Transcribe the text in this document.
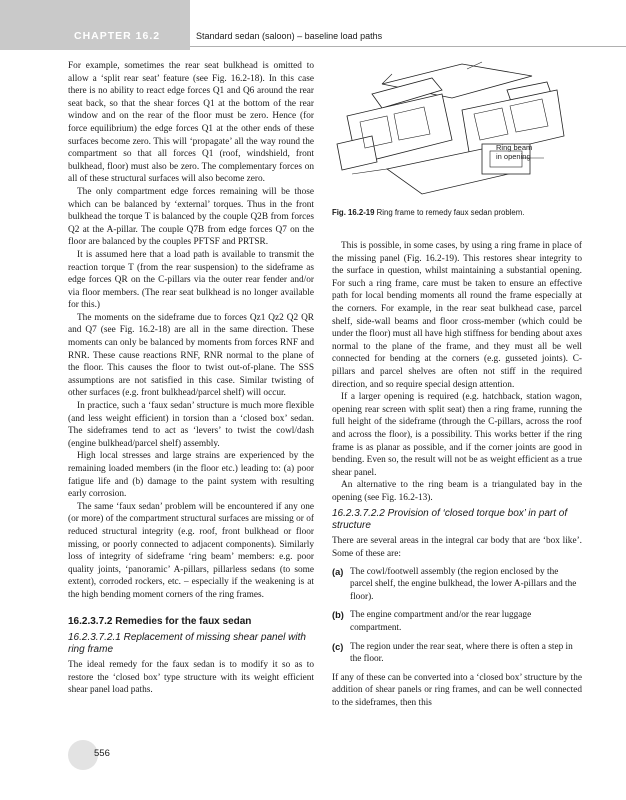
CHAPTER 16.2	Standard sedan (saloon) – baseline load paths

For example, sometimes the rear seat bulkhead is omitted to allow a ‘split rear seat’ feature (see Fig. 16.2-18). In this case there is no ability to react edge forces Q1 and Q6 around the rear seat back, so that the shear forces Q1 at the bottom of the rear window and on the rear of the floor must be zero. Hence (for force equilibrium) the edge forces Q1 at the other ends of these surfaces become zero. This will ‘propagate’ all the way round the compartment so that all forces Q1 (roof, windshield, front bulkhead, floor) must also be zero. The complementary forces on all of these structural surfaces will also become zero.

The only compartment edge forces remaining will be those which can be balanced by ‘external’ torques. Thus in the front bulkhead the torque T is balanced by the couple Q2B from forces Q2 at the A-pillar. The couple Q7B from edge forces Q7 on the floor are balanced by the couples PFTSF and PRTSR.

It is assumed here that a load path is available to transmit the reaction torque T (from the rear suspension) to the sideframe as edge forces QR on the C-pillars via the outer rear fender and/or via floor members. (The rear seat bulkhead is no longer available for this.)

The moments on the sideframe due to forces Qz1 Qz2 Q2 QR and Q7 (see Fig. 16.2-18) are all in the same direction. These moments can only be balanced by moments from forces RNF and RNR. These cause reactions RNF, RNR normal to the plane of the floor. This causes the floor to twist out-of-plane. The SSS assumptions are not satisfied in this case. Similar twisting of other surfaces (e.g. front bulkhead/parcel shelf) will occur.

In practice, such a ‘faux sedan’ structure is much more flexible (and less weight efficient) in torsion than a ‘closed box’ sedan. The sideframes tend to act as ‘levers’ to twist the cowl/dash (engine bulkhead/parcel shelf) assembly.

High local stresses and large strains are experienced by the remaining loaded members (in the floor etc.) leading to: (a) poor fatigue life and (b) damage to the paint system with resulting early corrosion.

The same ‘faux sedan’ problem will be encountered if any one (or more) of the compartment structural surfaces are missing or of reduced structural integrity (e.g. roof, front bulkhead or floor missing, or poorly connected to adjacent components). Similarly loss of integrity of sideframe ‘ring beam’ members: e.g. poor quality joints, ‘panoramic’ A-pillars, pillarless sedans (to some extent), corroded rockers, etc. – especially if the weakening is at the high bending moment corners of the ring frames.

16.2.3.7.2 Remedies for the faux sedan
16.2.3.7.2.1 Replacement of missing shear panel with ring frame

The ideal remedy for the faux sedan is to modify it so as to restore the ‘closed box’ type structure with its weight efficient shear panel load paths.

Ring beam
in opening
Fig. 16.2-19 Ring frame to remedy faux sedan problem.

This is possible, in some cases, by using a ring frame in place of the missing panel (Fig. 16.2-19). This restores shear integrity to the surface in question, whilst maintaining a substantial opening. For such a ring frame, care must be taken to ensure an effective path for local bending moments all round the frame especially at the corners. For example, in the rear seat bulkhead case, parcel shelf, side-wall beams and floor cross-member (which could be under the floor) must all have high stiffness for bending about axes normal to the plane of the frame, and they must all be well connected for bending at the corners (e.g. gusseted joints). C-pillars and parcel shelves are often not stiff in the required direction, and so require special design attention.

If a larger opening is required (e.g. hatchback, station wagon, opening rear screen with split seat) then a ring frame, running the full height of the sideframe (through the C-pillars, across the roof and across the floor), is a possibility. This works better if the ring frame is as planar as possible, and if the corner joints are good in bending. Even so, the result will not be as weight efficient as a true shear panel.

An alternative to the ring beam is a triangulated bay in the opening (see Fig. 16.2-13).

16.2.3.7.2.2 Provision of ‘closed torque box’ in part of structure

There are several areas in the integral car body that are ‘box like’. Some of these are:

(a) The cowl/footwell assembly (the region enclosed by the parcel shelf, the engine bulkhead, the lower A-pillars and the floor).
(b) The engine compartment and/or the rear luggage compartment.
(c) The region under the rear seat, where there is often a step in the floor.

If any of these can be converted into a ‘closed box’ structure by the addition of shear panels or ring frames, and can be well connected to the sideframes, then this

556
